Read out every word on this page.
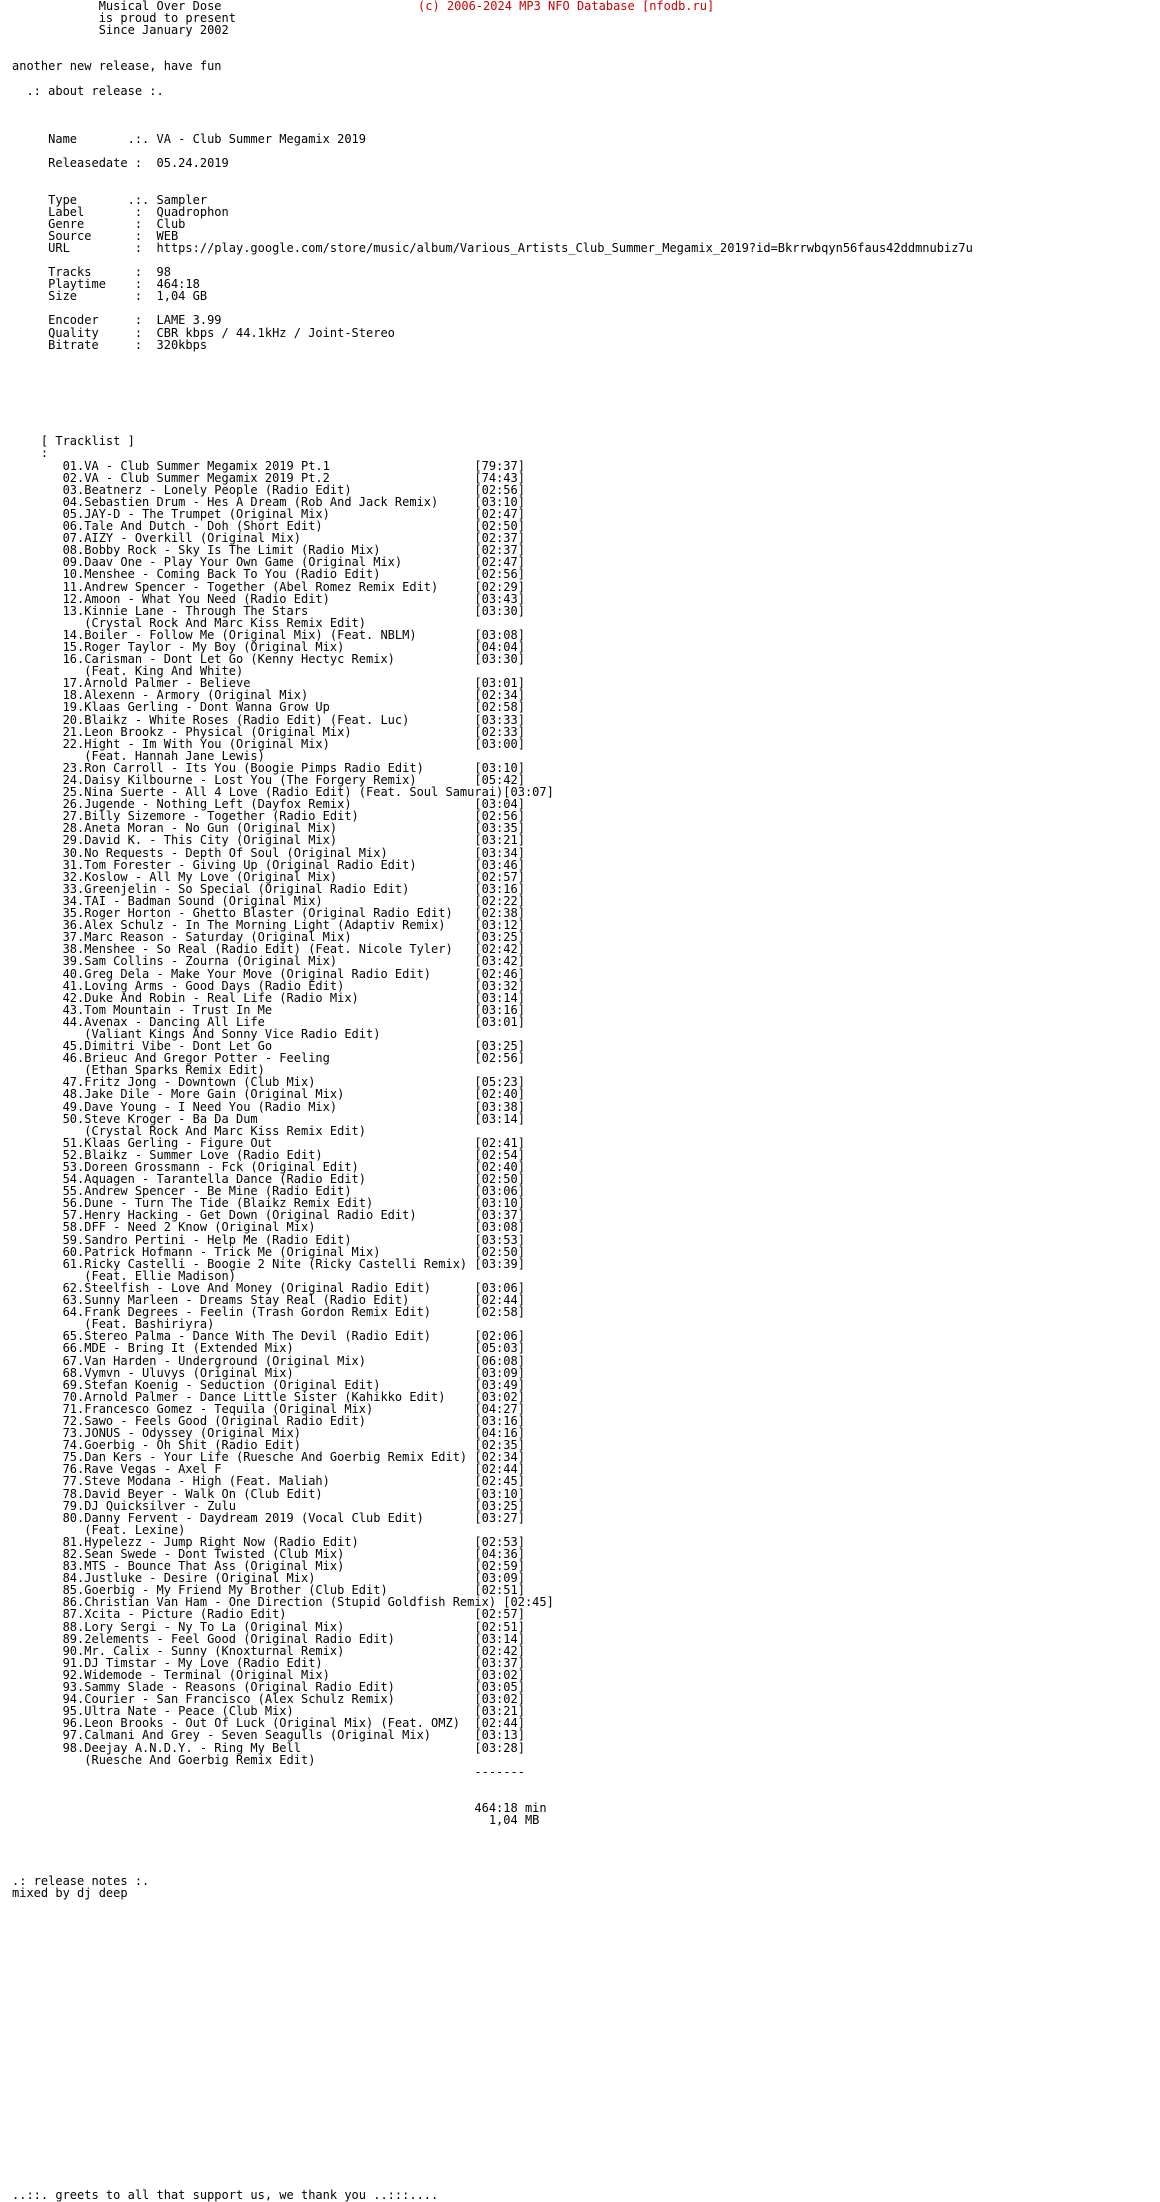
(c) 2006-2024 MP3 NFO Database [nfodb.ru]
Musical Over Dose
is proud to present
Since January 2002

another new release, have fun

.: about release :.

Name       .:. VA - Club Summer Megamix 2019

Releasedate :  05.24.2019

Type       .:. Sampler
Label       :  Quadrophon
Genre       :  Club
Source      :  WEB
URL         :  https://play.google.com/store/music/album/Various_Artists_Club_Summer_Megamix_2019?id=Bkrrwbqyn56faus42ddmnubiz7u

Tracks      :  98
Playtime    :  464:18
Size        :  1,04 GB

Encoder     :  LAME 3.99
Quality     :  CBR kbps / 44.1kHz / Joint-Stereo
Bitrate     :  320kbps

[ Tracklist ]
:
01.VA - Club Summer Megamix 2019 Pt.1                    [79:37]
02.VA - Club Summer Megamix 2019 Pt.2                    [74:43]
03.Beatnerz - Lonely People (Radio Edit)                 [02:56]
04.Sebastien Drum - Hes A Dream (Rob And Jack Remix)     [03:10]
05.JAY-D - The Trumpet (Original Mix)                    [02:47]
06.Tale And Dutch - Doh (Short Edit)                     [02:50]
07.AIZY - Overkill (Original Mix)                        [02:37]
08.Bobby Rock - Sky Is The Limit (Radio Mix)             [02:37]
09.Daav One - Play Your Own Game (Original Mix)          [02:47]
10.Menshee - Coming Back To You (Radio Edit)             [02:56]
11.Andrew Spencer - Together (Abel Romez Remix Edit)     [02:29]
12.Amoon - What You Need (Radio Edit)                    [03:43]
13.Kinnie Lane - Through The Stars                       [03:30]
(Crystal Rock And Marc Kiss Remix Edit)
14.Boiler - Follow Me (Original Mix) (Feat. NBLM)        [03:08]
15.Roger Taylor - My Boy (Original Mix)                  [04:04]
16.Carisman - Dont Let Go (Kenny Hectyc Remix)           [03:30]
(Feat. King And White)
17.Arnold Palmer - Believe                               [03:01]
18.Alexenn - Armory (Original Mix)                       [02:34]
19.Klaas Gerling - Dont Wanna Grow Up                    [02:58]
20.Blaikz - White Roses (Radio Edit) (Feat. Luc)         [03:33]
21.Leon Brookz - Physical (Original Mix)                 [02:33]
22.Hight - Im With You (Original Mix)                    [03:00]
(Feat. Hannah Jane Lewis)
23.Ron Carroll - Its You (Boogie Pimps Radio Edit)       [03:10]
24.Daisy Kilbourne - Lost You (The Forgery Remix)        [05:42]
25.Nina Suerte - All 4 Love (Radio Edit) (Feat. Soul Samurai)[03:07]
26.Jugende - Nothing Left (Dayfox Remix)                 [03:04]
27.Billy Sizemore - Together (Radio Edit)                [02:56]
28.Aneta Moran - No Gun (Original Mix)                   [03:35]
29.David K. - This City (Original Mix)                   [03:21]
30.No Requests - Depth Of Soul (Original Mix)            [03:34]
31.Tom Forester - Giving Up (Original Radio Edit)        [03:46]
32.Koslow - All My Love (Original Mix)                   [02:57]
33.Greenjelin - So Special (Original Radio Edit)         [03:16]
34.TAI - Badman Sound (Original Mix)                     [02:22]
35.Roger Horton - Ghetto Blaster (Original Radio Edit)   [02:38]
36.Alex Schulz - In The Morning Light (Adaptiv Remix)    [03:12]
37.Marc Reason - Saturday (Original Mix)                 [03:25]
38.Menshee - So Real (Radio Edit) (Feat. Nicole Tyler)   [02:42]
39.Sam Collins - Zourna (Original Mix)                   [03:42]
40.Greg Dela - Make Your Move (Original Radio Edit)      [02:46]
41.Loving Arms - Good Days (Radio Edit)                  [03:32]
42.Duke And Robin - Real Life (Radio Mix)                [03:14]
43.Tom Mountain - Trust In Me                            [03:16]
44.Avenax - Dancing All Life                             [03:01]
(Valiant Kings And Sonny Vice Radio Edit)
45.Dimitri Vibe - Dont Let Go                            [03:25]
46.Brieuc And Gregor Potter - Feeling                    [02:56]
(Ethan Sparks Remix Edit)
47.Fritz Jong - Downtown (Club Mix)                      [05:23]
48.Jake Dile - More Gain (Original Mix)                  [02:40]
49.Dave Young - I Need You (Radio Mix)                   [03:38]
50.Steve Kroger - Ba Da Dum                              [03:14]
(Crystal Rock And Marc Kiss Remix Edit)
51.Klaas Gerling - Figure Out                            [02:41]
52.Blaikz - Summer Love (Radio Edit)                     [02:54]
53.Doreen Grossmann - Fck (Original Edit)                [02:40]
54.Aquagen - Tarantella Dance (Radio Edit)               [02:50]
55.Andrew Spencer - Be Mine (Radio Edit)                 [03:06]
56.Dune - Turn The Tide (Blaikz Remix Edit)              [03:10]
57.Henry Hacking - Get Down (Original Radio Edit)        [03:37]
58.DFF - Need 2 Know (Original Mix)                      [03:08]
59.Sandro Pertini - Help Me (Radio Edit)                 [03:53]
60.Patrick Hofmann - Trick Me (Original Mix)             [02:50]
61.Ricky Castelli - Boogie 2 Nite (Ricky Castelli Remix) [03:39]
(Feat. Ellie Madison)
62.Steelfish - Love And Money (Original Radio Edit)      [03:06]
63.Sunny Marleen - Dreams Stay Real (Radio Edit)         [02:44]
64.Frank Degrees - Feelin (Trash Gordon Remix Edit)      [02:58]
(Feat. Bashiriyra)
65.Stereo Palma - Dance With The Devil (Radio Edit)      [02:06]
66.MDE - Bring It (Extended Mix)                         [05:03]
67.Van Harden - Underground (Original Mix)               [06:08]
68.Vymvn - Uluvys (Original Mix)                         [03:09]
69.Stefan Koenig - Seduction (Original Edit)             [03:49]
70.Arnold Palmer - Dance Little Sister (Kahikko Edit)    [03:02]
71.Francesco Gomez - Tequila (Original Mix)              [04:27]
72.Sawo - Feels Good (Original Radio Edit)               [03:16]
73.JONUS - Odyssey (Original Mix)                        [04:16]
74.Goerbig - Oh Shit (Radio Edit)                        [02:35]
75.Dan Kers - Your Life (Ruesche And Goerbig Remix Edit) [02:34]
76.Rave Vegas - Axel F                                   [02:44]
77.Steve Modana - High (Feat. Maliah)                    [02:45]
78.David Beyer - Walk On (Club Edit)                     [03:10]
79.DJ Quicksilver - Zulu                                 [03:25]
80.Danny Fervent - Daydream 2019 (Vocal Club Edit)       [03:27]
(Feat. Lexine)
81.Hypelezz - Jump Right Now (Radio Edit)                [02:53]
82.Sean Swede - Dont Twisted (Club Mix)                  [04:36]
83.MTS - Bounce That Ass (Original Mix)                  [02:59]
84.Justluke - Desire (Original Mix)                      [03:09]
85.Goerbig - My Friend My Brother (Club Edit)            [02:51]
86.Christian Van Ham - One Direction (Stupid Goldfish Remix) [02:45]
87.Xcita - Picture (Radio Edit)                          [02:57]
88.Lory Sergi - Ny To La (Original Mix)                  [02:51]
89.2elements - Feel Good (Original Radio Edit)           [03:14]
90.Mr. Calix - Sunny (Knoxturnal Remix)                  [02:42]
91.DJ Timstar - My Love (Radio Edit)                     [03:37]
92.Widemode - Terminal (Original Mix)                    [03:02]
93.Sammy Slade - Reasons (Original Radio Edit)           [03:05]
94.Courier - San Francisco (Alex Schulz Remix)           [03:02]
95.Ultra Nate - Peace (Club Mix)                         [03:21]
96.Leon Brooks - Out Of Luck (Original Mix) (Feat. OMZ)  [02:44]
97.Calmani And Grey - Seven Seagulls (Original Mix)      [03:13]
98.Deejay A.N.D.Y. - Ring My Bell                        [03:28]
(Ruesche And Goerbig Remix Edit)
-------

464:18 min
1,04 MB

.: release notes :.
mixed by dj deep

..::. greets to all that support us, we thank you ..:::....
